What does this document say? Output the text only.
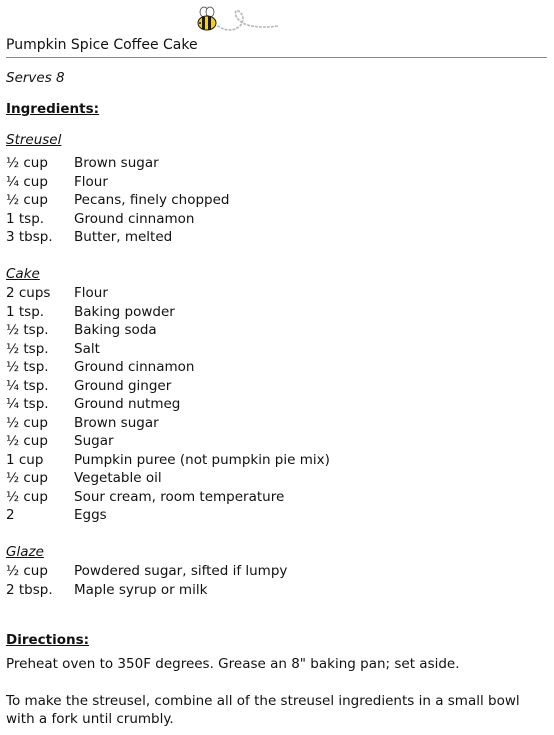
Pumpkin Spice Coffee Cake
Serves 8
Ingredients:
Streusel
½ cup Brown sugar
¼ cup Flour
½ cup Pecans, finely chopped
1 tsp. Ground cinnamon
3 tbsp. Butter, melted
Cake
2 cups Flour
1 tsp. Baking powder
½ tsp. Baking soda
½ tsp. Salt
½ tsp. Ground cinnamon
¼ tsp. Ground ginger
¼ tsp. Ground nutmeg
½ cup Brown sugar
½ cup Sugar
1 cup Pumpkin puree (not pumpkin pie mix)
½ cup Vegetable oil
½ cup Sour cream, room temperature
2	Eggs
Glaze
½ cup Powdered sugar, sifted if lumpy
2 tbsp. Maple syrup or milk
Directions:

Preheat oven to 350F degrees. Grease an 8" baking pan; set aside.

To make the streusel, combine all of the streusel ingredients in a small bowl with a fork until crumbly.
